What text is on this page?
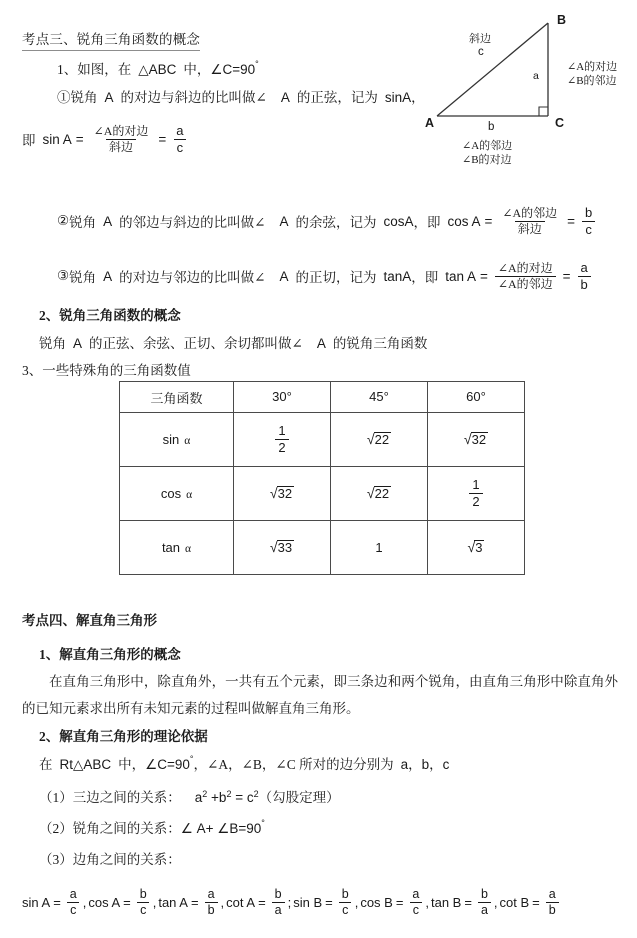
考点三、锐角三角函数的概念
B
A	C
斜边
c
a
∠A的对边
∠B的邻边
b
∠A的邻边
∠B的对边
1、如图，在 △ABC 中，∠C=90°
①锐角 A 的对边与斜边的比叫做∠ A 的正弦，记为 sinA，
即 $\sin A = \frac{\text{∠A的对边}}{\text{斜边}} = \frac{a}{c}$
② 锐角 A 的邻边与斜边的比叫做∠ A 的余弦，记为 cosA ，即 $\cos A = \frac{\text{∠A的邻边}}{\text{斜边}} = \frac{b}{c}$
③ 锐角 A 的对边与邻边的比叫做∠ A 的正切，记为 tanA ，即 $\tan A = \frac{\text{∠A的对边}}{\text{∠A的邻边}} = \frac{a}{b}$
2、锐角三角函数的概念
锐角 A 的正弦、余弦、正切、余切都叫做∠ A 的锐角三角函数
3、一些特殊角的三角函数值
三角函数	30°	45°	60°
sin α	$\frac{1}{2}$	√ 22	√ 32

cos α	√ 32	√ 22	$\frac{1}{2}$

tan α	√ 33	1	√ 3
考点四、解直角三角形
1、解直角三角形的概念
在直角三角形中，除直角外，一共有五个元素，即三条边和两个锐角，由直角三角形中除直角外的已知元素求出所有未知元素的过程叫做解直角三角形。
2、解直角三角形的理论依据
在 Rt△ABC 中，∠C=90°，∠A，∠B，∠C 所对的边分别为 a，b，c
（1）三边之间的关系： $a^2 +b^2 = c^2$（勾股定理）
（2）锐角之间的关系：∠ A+ ∠B=90°
（3）边角之间的关系：
$\sin A = \frac{a}{c}$ , $\cos A = \frac{b}{c}$ , $\tan A = \frac{a}{b}$ , $\cot A = \frac{b}{a}$ ; $\sin B = \frac{b}{c}$ , $\cos B = \frac{a}{c}$ , $\tan B = \frac{b}{a}$ , $\cot B = \frac{a}{b}$
